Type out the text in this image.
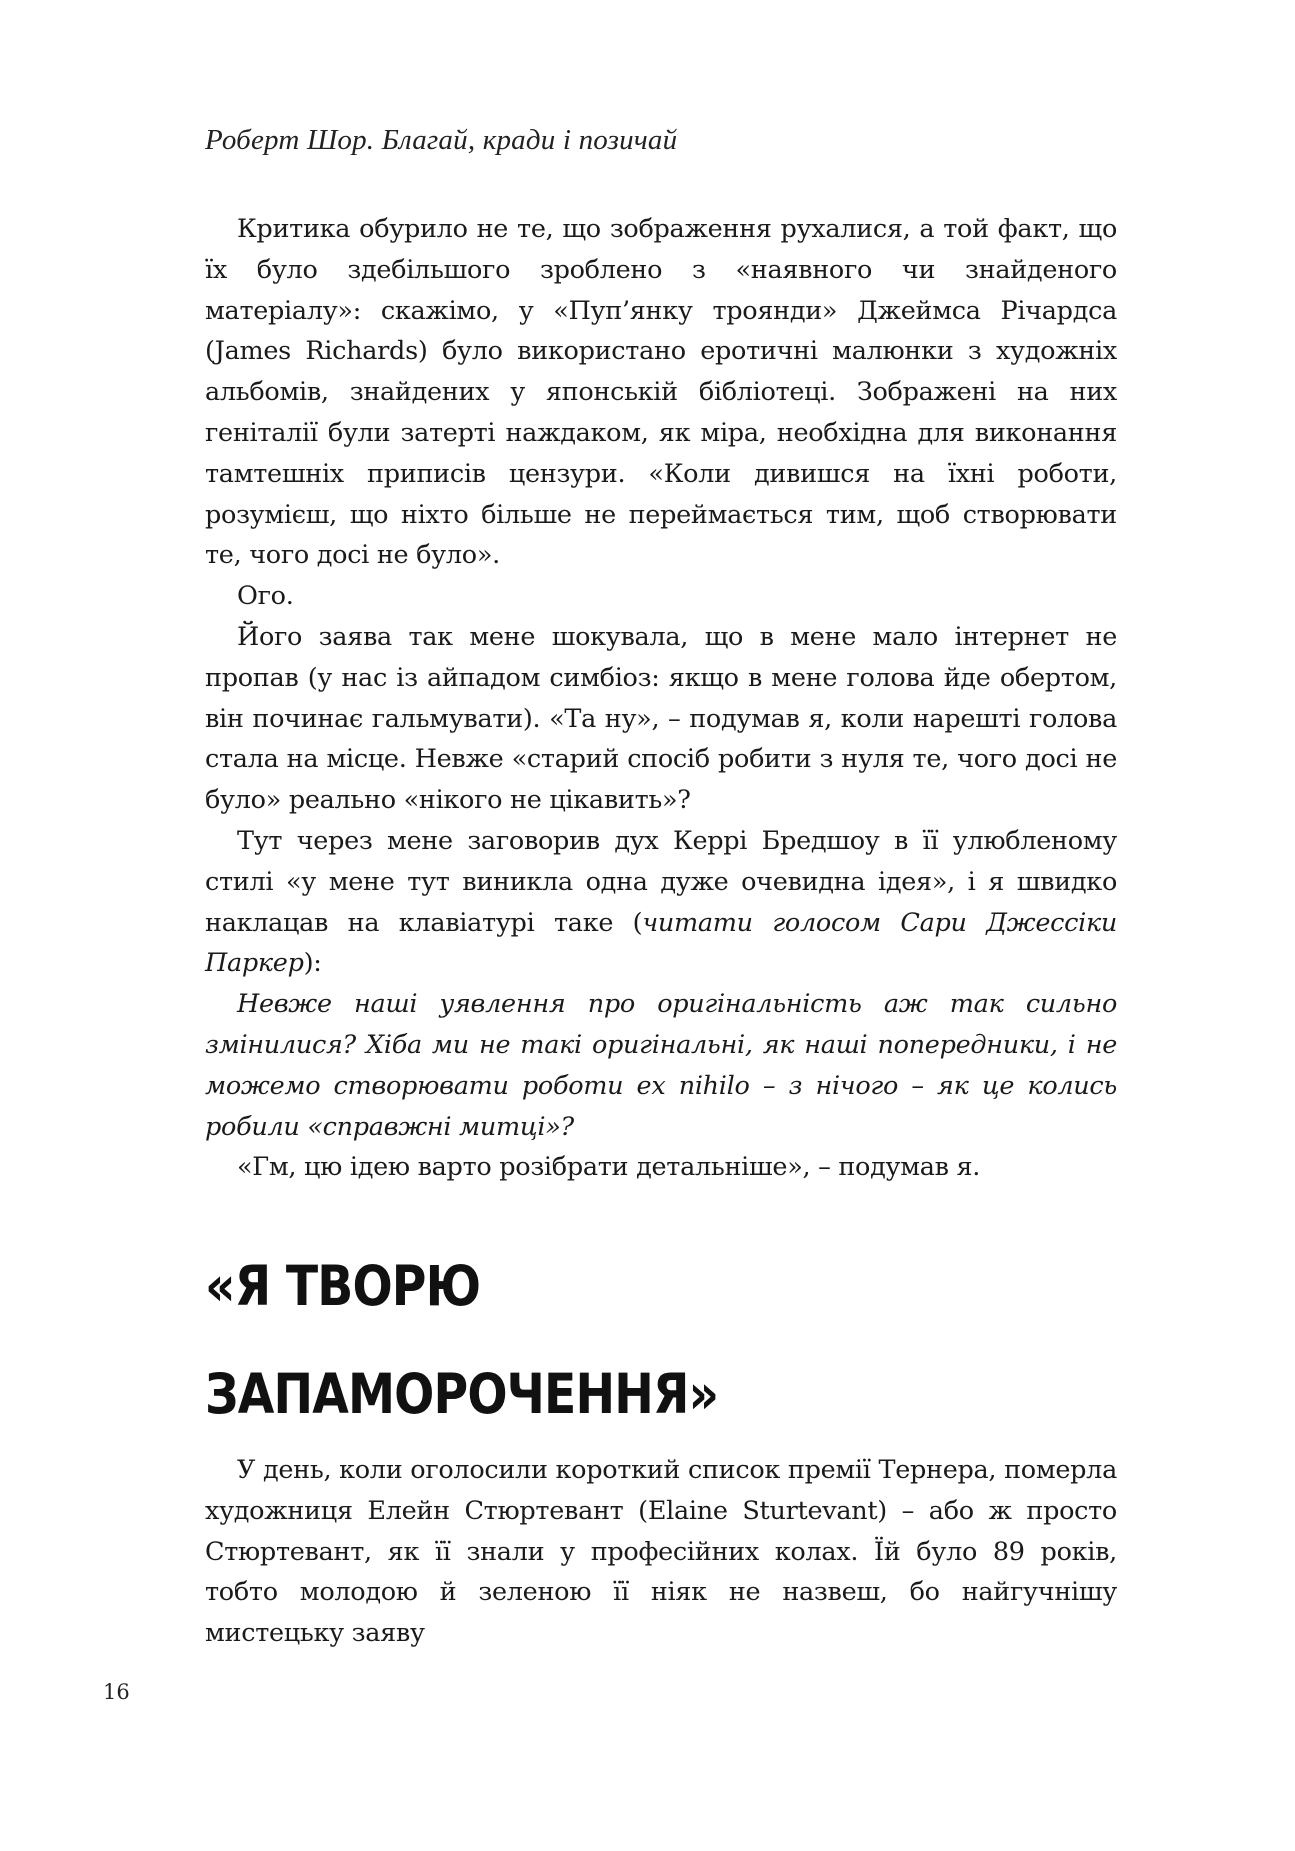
Роберт Шор. Благай, кради і позичай

Критика обурило не те, що зображення рухалися, а той факт, що їх було здебільшого зроблено з «наявного чи знайденого матеріалу»: скажімо, у «Пуп’янку троянди» Джеймса Річардса (James Richards) було використано еротичні малюнки з художніх альбомів, знайдених у японській бібліотеці. Зображені на них геніталії були затерті наждаком, як міра, необхідна для виконання тамтешніх приписів цензури. «Коли дивишся на їхні роботи, розумієш, що ніхто більше не переймається тим, щоб створювати те, чого досі не було».

Ого.

Його заява так мене шокувала, що в мене мало інтернет не пропав (у нас із айпадом симбіоз: якщо в мене голова йде обертом, він починає гальмувати). «Та ну», – подумав я, коли нарешті голова стала на місце. Невже «старий спосіб робити з нуля те, чого досі не було» реально «нікого не цікавить»?

Тут через мене заговорив дух Керрі Бредшоу в її улюбленому стилі «у мене тут виникла одна дуже очевидна ідея», і я швидко наклацав на клавіатурі таке (читати голосом Сари Джессіки Паркер):

Невже наші уявлення про оригінальність аж так сильно змінилися? Хіба ми не такі оригінальні, як наші попередники, і не можемо створювати роботи ex nihilo – з нічого – як це колись робили «справжні митці»?

«Гм, цю ідею варто розібрати детальніше», – подумав я.

«Я ТВОРЮ
ЗАПАМОРОЧЕННЯ»

У день, коли оголосили короткий список премії Тернера, померла художниця Елейн Стюртевант (Elaine Sturtevant) – або ж просто Стюртевант, як її знали у професійних колах. Їй було 89 років, тобто молодою й зеленою її ніяк не назвеш, бо найгучнішу мистецьку заяву

16
